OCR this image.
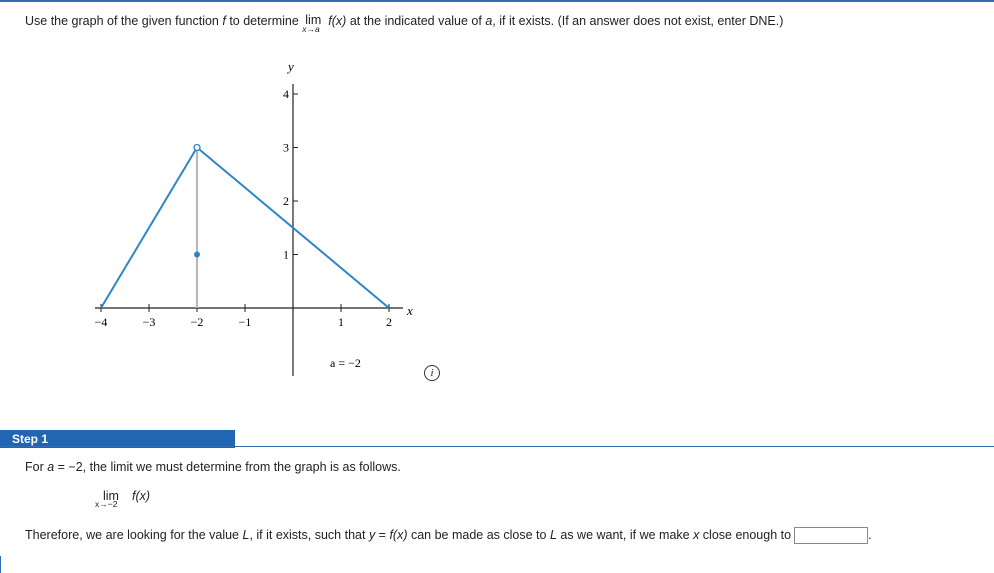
Use the graph of the given function f to determine lim
x→a
f(x) at the indicated value of a, if it exists. (If an answer does not exist, enter DNE.)
−4	−3	−2	−1	1	2
1
2
3
4
x
y
a = −2
i
Step 1
For a = −2, the limit we must determine from the graph is as follows.
lim
x→−2
f(x)
Therefore, we are looking for the value L, if it exists, such that y = f(x) can be made as close to L as we want, if we make x close enough to	.
